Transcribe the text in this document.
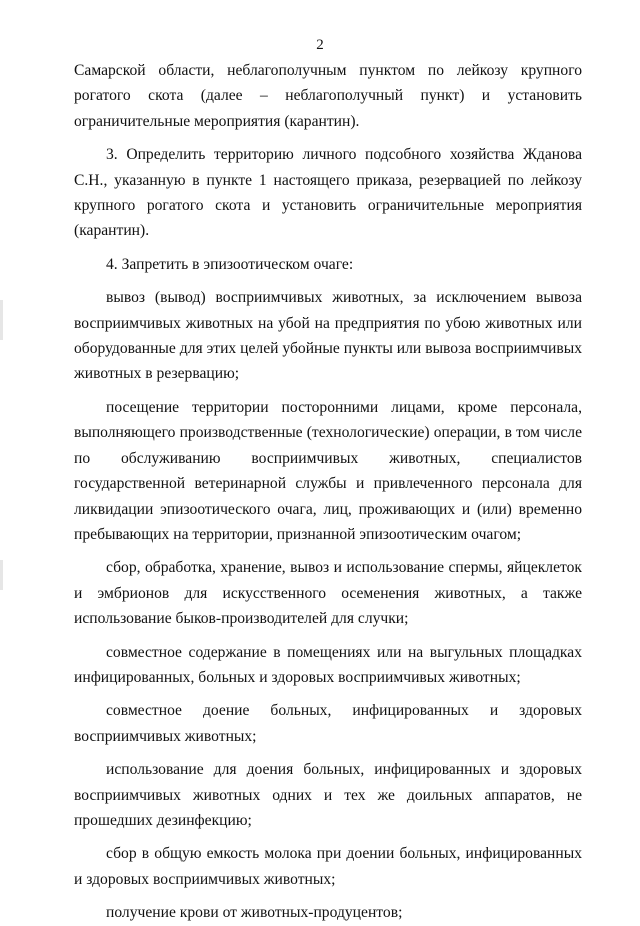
2

Самарской области, неблагополучным пунктом по лейкозу крупного рогатого скота (далее – неблагополучный пункт) и установить ограничительные мероприятия (карантин).

3. Определить территорию личного подсобного хозяйства Жданова С.Н., указанную в пункте 1 настоящего приказа, резервацией по лейкозу крупного рогатого скота и установить ограничительные мероприятия (карантин).

4. Запретить в эпизоотическом очаге:

вывоз (вывод) восприимчивых животных, за исключением вывоза восприимчивых животных на убой на предприятия по убою животных или оборудованные для этих целей убойные пункты или вывоза восприимчивых животных в резервацию;

посещение территории посторонними лицами, кроме персонала, выполняющего производственные (технологические) операции, в том числе по обслуживанию восприимчивых животных, специалистов государственной ветеринарной службы и привлеченного персонала для ликвидации эпизоотического очага, лиц, проживающих и (или) временно пребывающих на территории, признанной эпизоотическим очагом;

сбор, обработка, хранение, вывоз и использование спермы, яйцеклеток и эмбрионов для искусственного осеменения животных, а также использование быков-производителей для случки;

совместное содержание в помещениях или на выгульных площадках инфицированных, больных и здоровых восприимчивых животных;

совместное доение больных, инфицированных и здоровых восприимчивых животных;

использование для доения больных, инфицированных и здоровых восприимчивых животных одних и тех же доильных аппаратов, не прошедших дезинфекцию;

сбор в общую емкость молока при доении больных, инфицированных и здоровых восприимчивых животных;

получение крови от животных-продуцентов;
